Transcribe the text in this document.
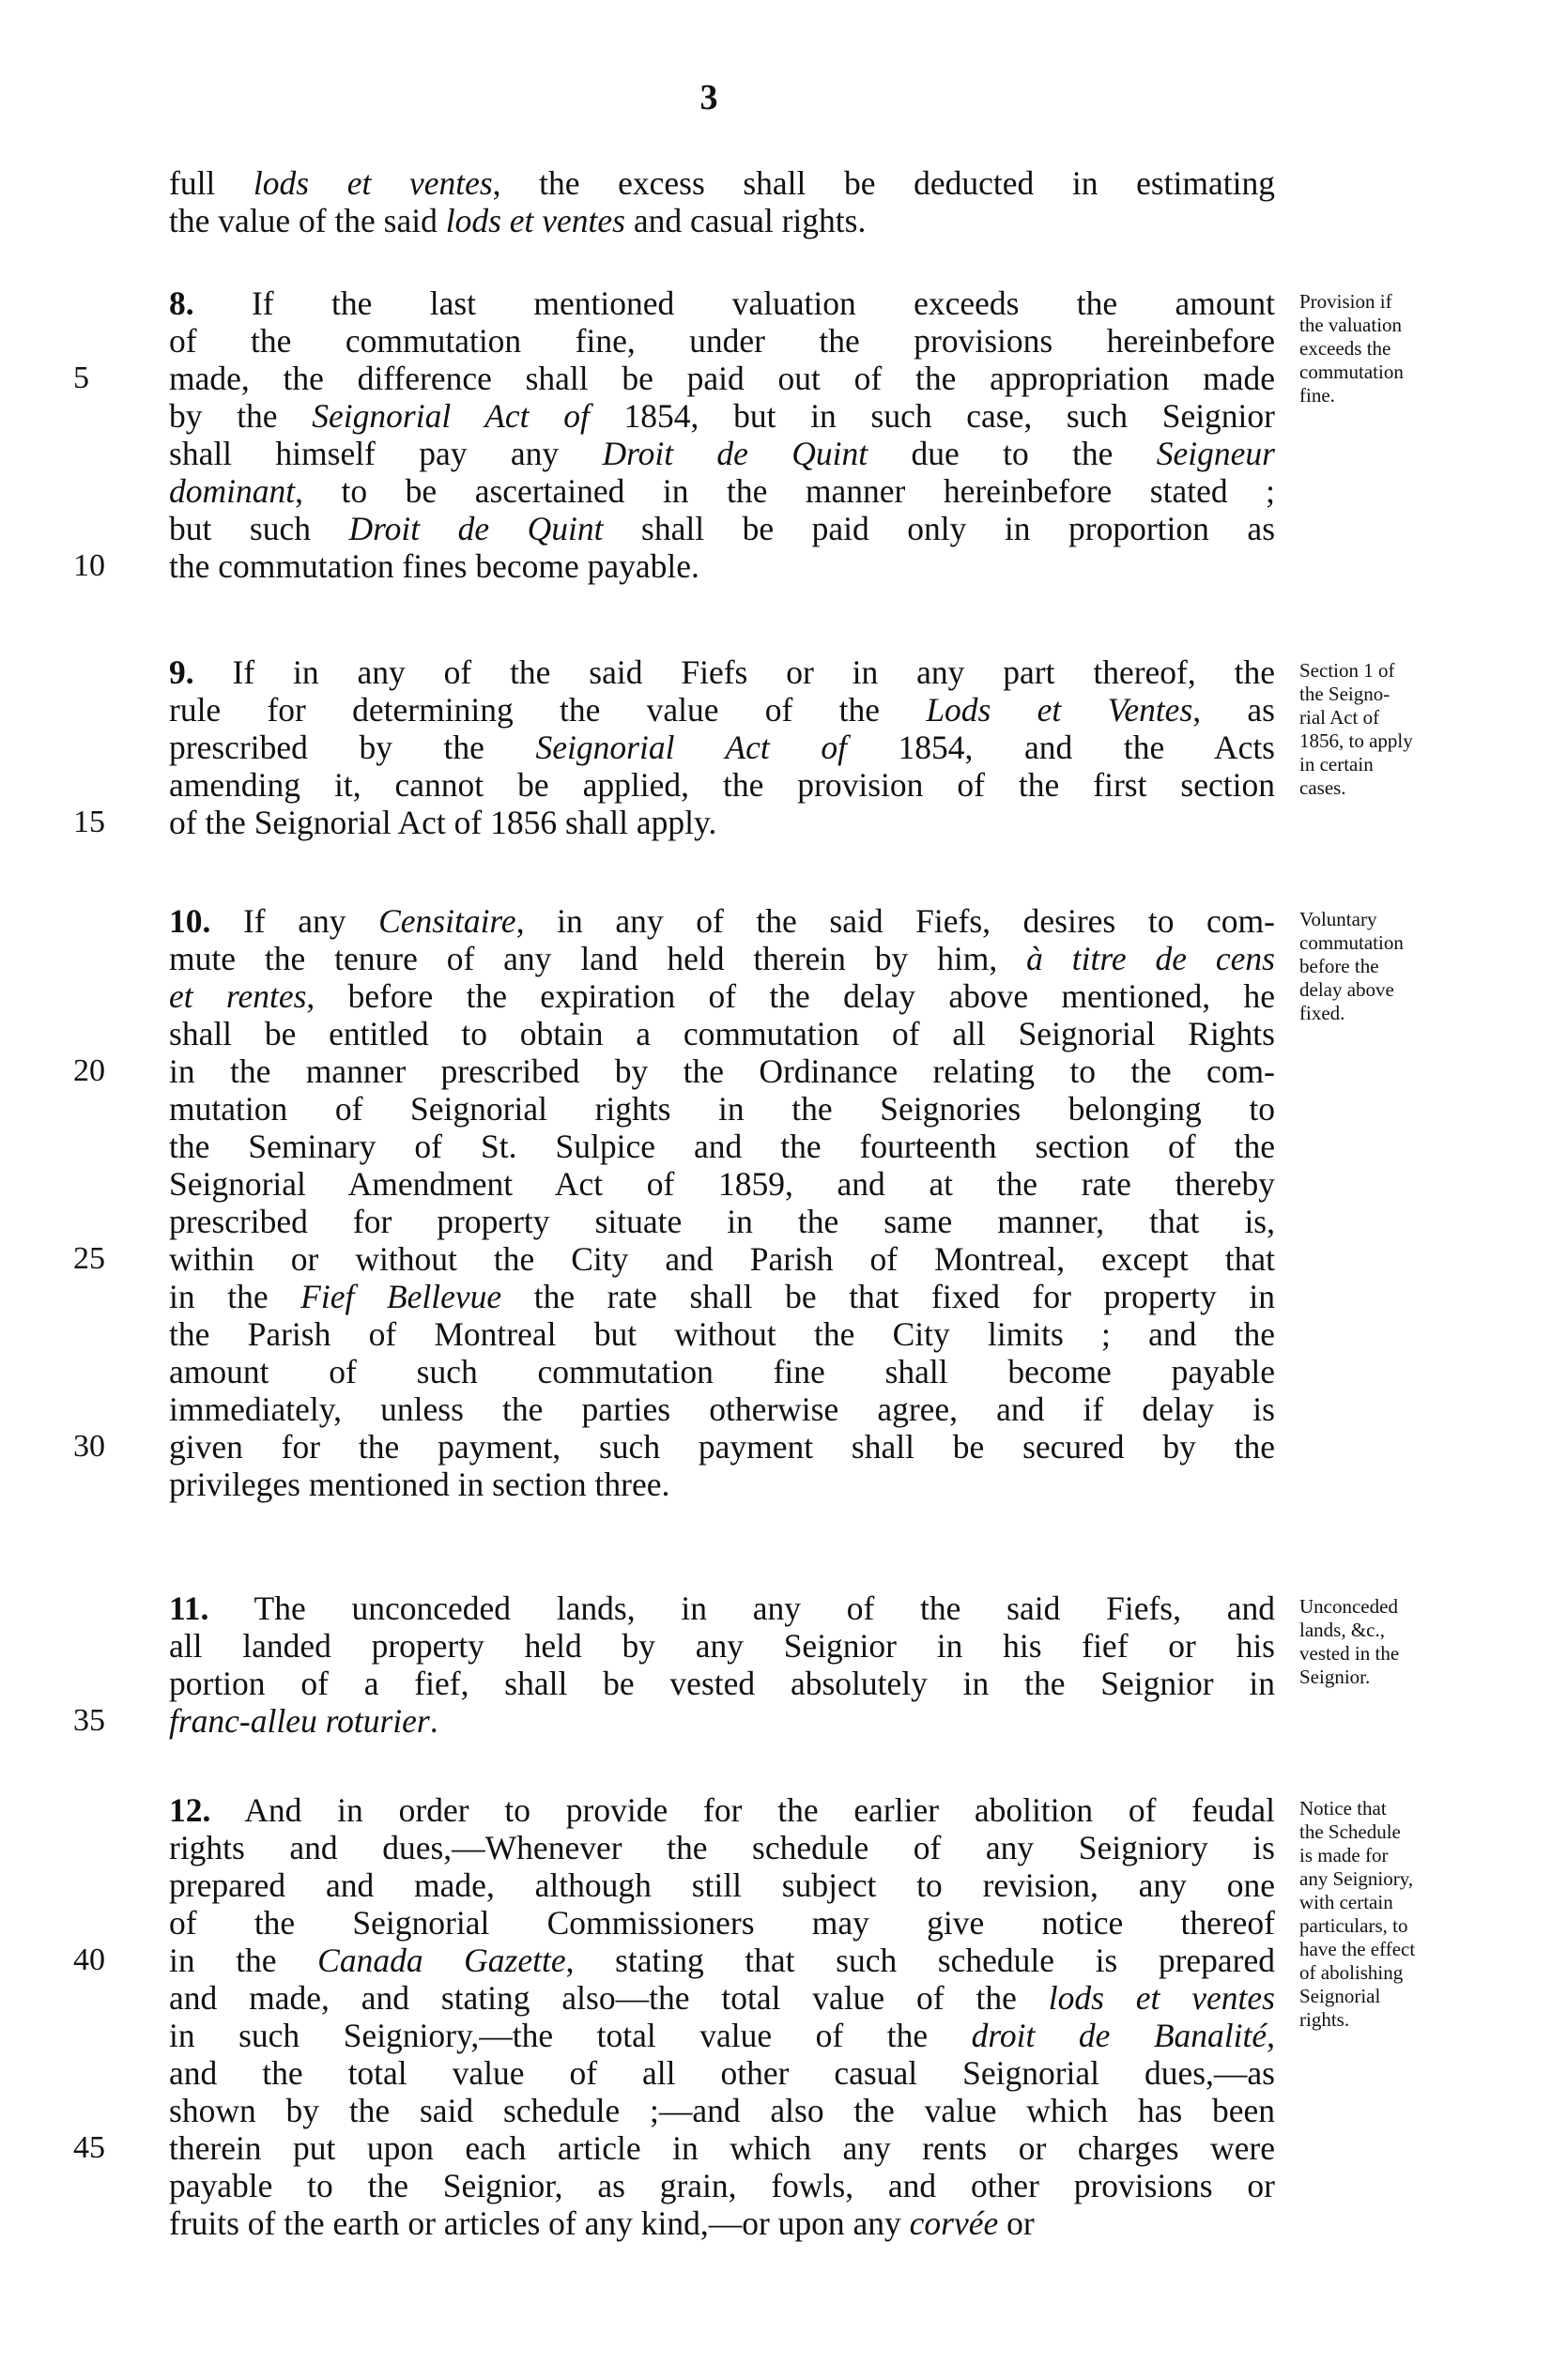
3
full lods et ventes, the excess shall be deducted in estimating
the value of the said lods et ventes and casual rights.
8. If the last mentioned valuation exceeds the amount
of the commutation fine, under the provisions hereinbefore
made, the difference shall be paid out of the appropriation made
by the Seignorial Act of 1854, but in such case, such Seignior
shall himself pay any Droit de Quint due to the Seigneur
dominant, to be ascertained in the manner hereinbefore stated ;
but such Droit de Quint shall be paid only in proportion as
the commutation fines become payable.
5
10
Provision if
the valuation
exceeds the
commutation
fine.
9. If in any of the said Fiefs or in any part thereof, the
rule for determining the value of the Lods et Ventes, as
prescribed by the Seignorial Act of 1854, and the Acts
amending it, cannot be applied, the provision of the first section
of the Seignorial Act of 1856 shall apply.
15
Section 1 of
the Seigno-
rial Act of
1856, to apply
in certain
cases.
10. If any Censitaire, in any of the said Fiefs, desires to com-
mute the tenure of any land held therein by him, à titre de cens
et rentes, before the expiration of the delay above mentioned, he
shall be entitled to obtain a commutation of all Seignorial Rights
in the manner prescribed by the Ordinance relating to the com-
mutation of Seignorial rights in the Seignories belonging to
the Seminary of St. Sulpice and the fourteenth section of the
Seignorial Amendment Act of 1859, and at the rate thereby
prescribed for property situate in the same manner, that is,
within or without the City and Parish of Montreal, except that
in the Fief Bellevue the rate shall be that fixed for property in
the Parish of Montreal but without the City limits ; and the
amount of such commutation fine shall become payable
immediately, unless the parties otherwise agree, and if delay is
given for the payment, such payment shall be secured by the
privileges mentioned in section three.
20
25
30
Voluntary
commutation
before the
delay above
fixed.
11. The unconceded lands, in any of the said Fiefs, and
all landed property held by any Seignior in his fief or his
portion of a fief, shall be vested absolutely in the Seignior in
franc-alleu roturier.
35
Unconceded
lands, &c.,
vested in the
Seignior.
12. And in order to provide for the earlier abolition of feudal
rights and dues,—Whenever the schedule of any Seigniory is
prepared and made, although still subject to revision, any one
of the Seignorial Commissioners may give notice thereof
in the Canada Gazette, stating that such schedule is prepared
and made, and stating also—the total value of the lods et ventes
in such Seigniory,—the total value of the droit de Banalité,
and the total value of all other casual Seignorial dues,—as
shown by the said schedule ;—and also the value which has been
therein put upon each article in which any rents or charges were
payable to the Seignior, as grain, fowls, and other provisions or
fruits of the earth or articles of any kind,—or upon any corvée or
40
45
Notice that
the Schedule
is made for
any Seigniory,
with certain
particulars, to
have the effect
of abolishing
Seignorial
rights.
